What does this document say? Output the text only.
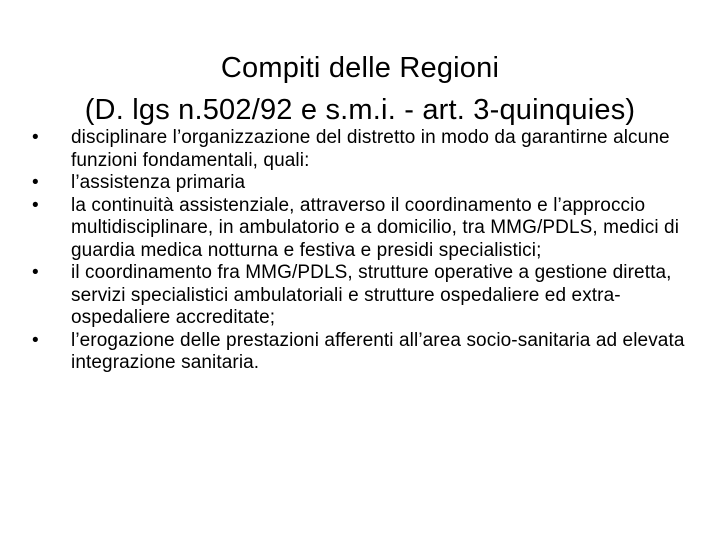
Compiti delle Regioni
(D. lgs n.502/92 e s.m.i. - art. 3-quinquies)
•	disciplinare l’organizzazione del distretto in modo da garantirne alcune funzioni fondamentali, quali:
•	l’assistenza primaria
•	la continuità assistenziale, attraverso il coordinamento e l’approccio multidisciplinare, in ambulatorio e a domicilio, tra MMG/PDLS, medici di guardia medica notturna e festiva e presidi specialistici;
•	il coordinamento fra MMG/PDLS, strutture operative a gestione diretta, servizi specialistici ambulatoriali e strutture ospedaliere ed extra-ospedaliere accreditate;
•	l’erogazione delle prestazioni afferenti all’area socio-sanitaria ad elevata integrazione sanitaria.
